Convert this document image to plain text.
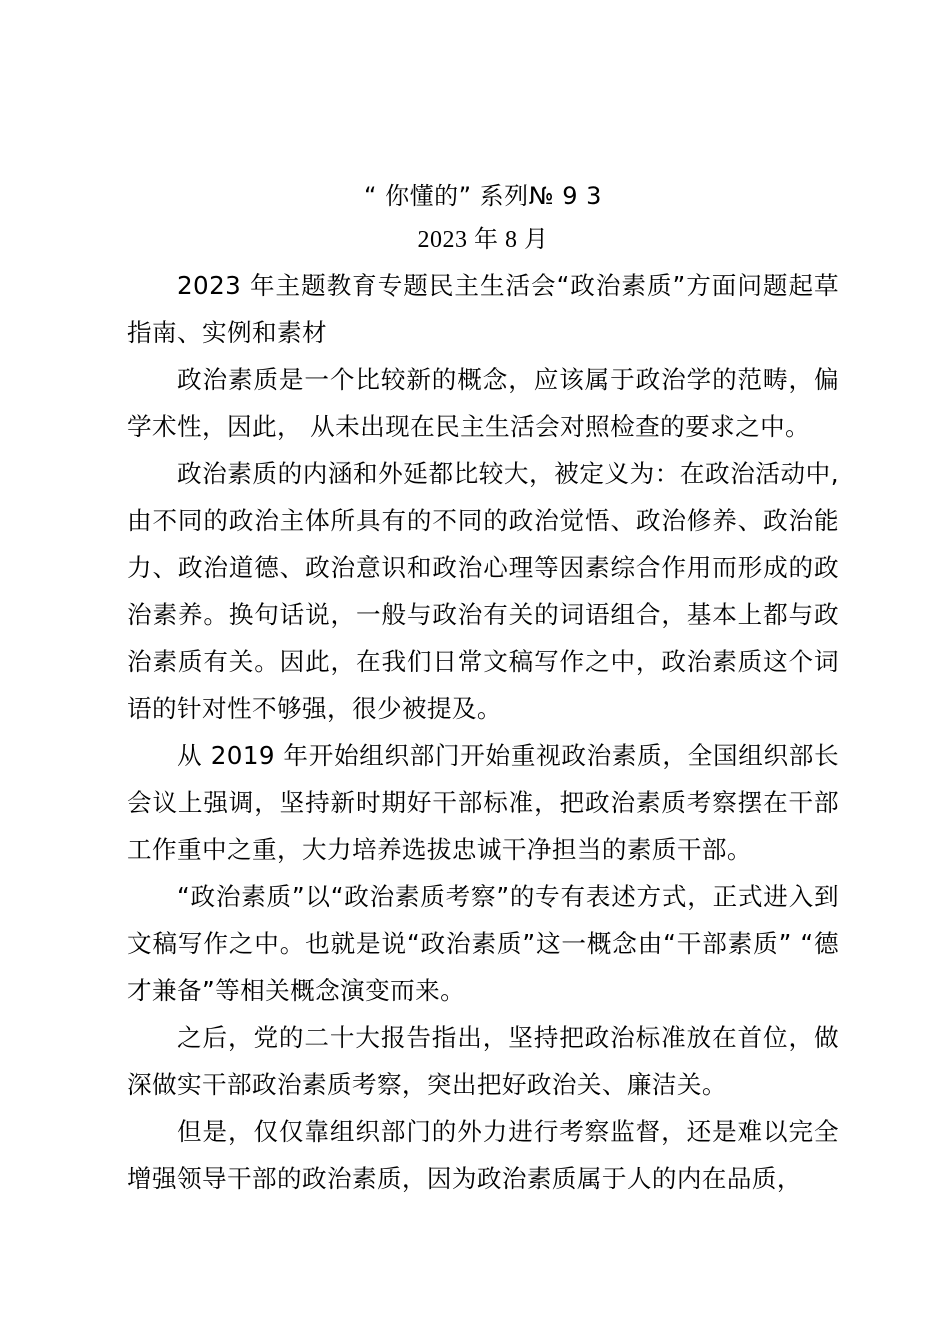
“ 你懂的” 系列№ 9 3
2023 年 8 月

2023 年主题教育专题民主生活会“政治素质”方面问题起草指南、实例和素材

政治素质是一个比较新的概念，应该属于政治学的范畴，偏学术性，因此， 从未出现在民主生活会对照检查的要求之中。

政治素质的内涵和外延都比较大，被定义为：在政治活动中,由不同的政治主体所具有的不同的政治觉悟、政治修养、政治能力、政治道德、政治意识和政治心理等因素综合作用而形成的政治素养。换句话说，一般与政治有关的词语组合，基本上都与政治素质有关。因此，在我们日常文稿写作之中，政治素质这个词语的针对性不够强，很少被提及。

从 2019 年开始组织部门开始重视政治素质，全国组织部长会议上强调，坚持新时期好干部标准，把政治素质考察摆在干部工作重中之重，大力培养选拔忠诚干净担当的素质干部。

“政治素质”以“政治素质考察”的专有表述方式，正式进入到文稿写作之中。也就是说“政治素质”这一概念由“干部素质” “德才兼备”等相关概念演变而来。

之后，党的二十大报告指出，坚持把政治标准放在首位，做深做实干部政治素质考察，突出把好政治关、廉洁关。

但是，仅仅靠组织部门的外力进行考察监督，还是难以完全增强领导干部的政治素质，因为政治素质属于人的内在品质，
